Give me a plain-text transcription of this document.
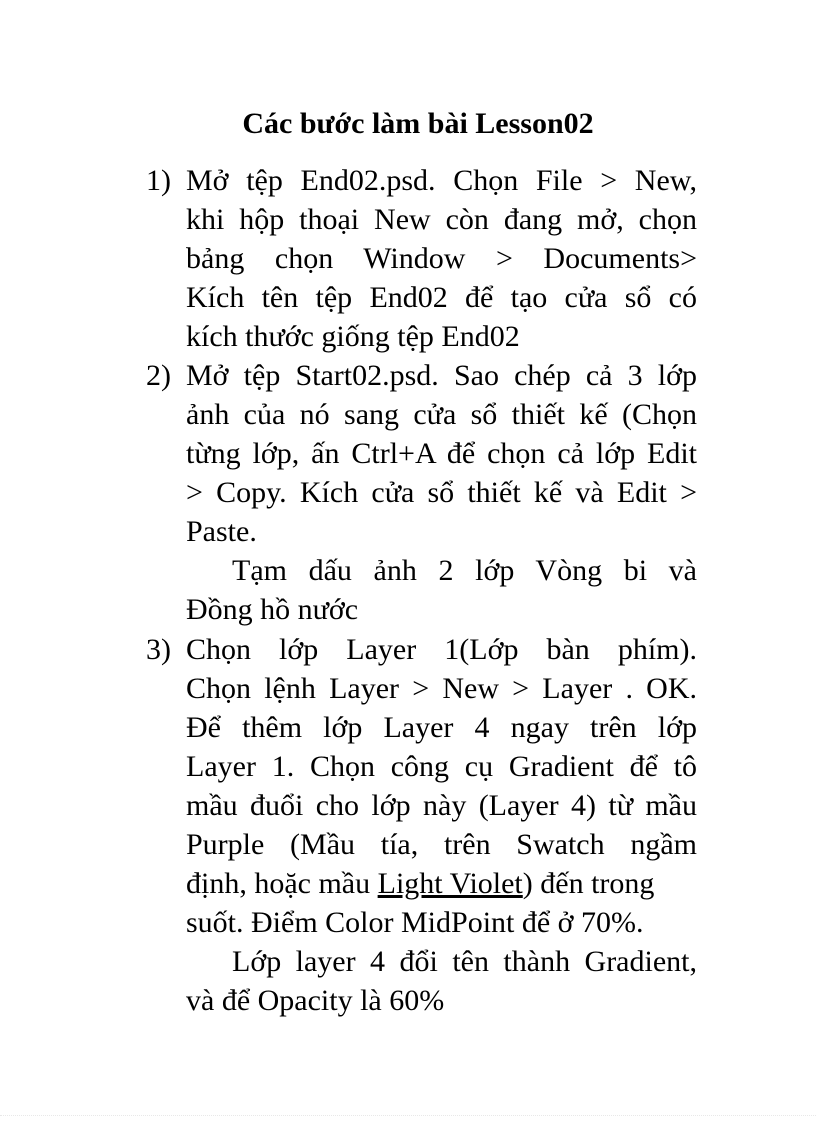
Các bước làm bài Lesson02
1) Mở tệp End02.psd. Chọn File > New,
khi hộp thoại New còn đang mở, chọn
bảng chọn Window > Documents>
Kích tên tệp End02 để tạo cửa sổ có
kích thước giống tệp End02
2) Mở tệp Start02.psd. Sao chép cả 3 lớp
ảnh của nó sang cửa sổ thiết kế (Chọn
từng lớp, ấn Ctrl+A để chọn cả lớp Edit
> Copy. Kích cửa sổ thiết kế và Edit >
Paste.
Tạm dấu ảnh 2 lớp Vòng bi và
Đồng hồ nước
3) Chọn lớp Layer 1(Lớp bàn phím).
Chọn lệnh Layer > New > Layer . OK.
Để thêm lớp Layer 4 ngay trên lớp
Layer 1. Chọn công cụ Gradient để tô
mầu đuổi cho lớp này (Layer 4) từ mầu
Purple (Mầu tía, trên Swatch ngầm
định, hoặc mầu Light Violet) đến trong
suốt. Điểm Color MidPoint để ở 70%.
Lớp layer 4 đổi tên thành Gradient,
và để Opacity là 60%
